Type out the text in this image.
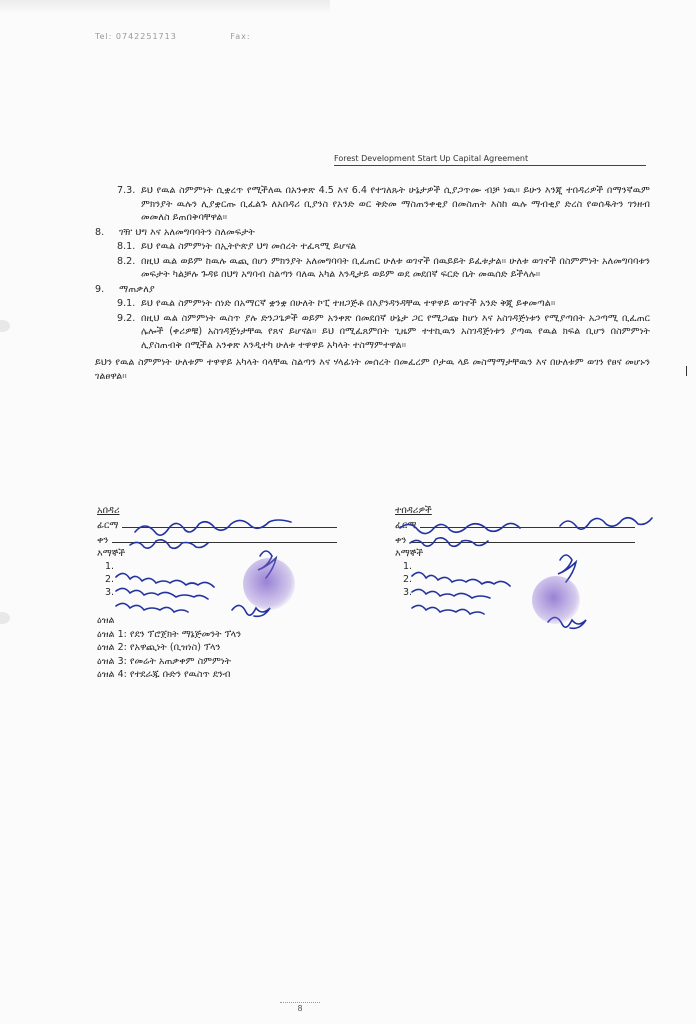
Tel: 0742251713	Fax:
Forest Development Start Up Capital Agreement
7.3. ይህ የዉል ስምምነት ሲቋረጥ የሚችለዉ በአንቀጽ 4.5 እና 6.4 የተገለጹት ሁኔታዎች ሲያጋጥሙ ብቻ ነዉ። ይሁን እንጂ ተበዳሪዎች በማንኛዉም ምክንያት ዉሉን ሊያቋርጡ ቢፈልጉ ለአበዳሪ ቢያንስ የአንድ ወር ቅድመ ማስጠንቀቂያ በመስጠት እስከ ዉሉ ማብቂያ ድረስ የወሰዱትን ገንዘብ መመለስ ይጠበቅባቸዋል።
8.	ገዥ ህግ እና አለመግባባትን ስለመፍታት
8.1. ይህ የዉል ስምምነት በኢትዮጵያ ህግ መሰረት ተፈጻሚ ይሆናል
8.2. በዚህ ዉል ወይም ከዉሉ ዉጪ በሆነ ምክንያት አለመግባባት ቢፈጠር ሁለቱ ወገኖች በዉይይት ይፈቱታል። ሁለቱ ወገኖች በስምምነት አለመግባባቱን መፍታት ካልቻሉ ጉዳዩ በህግ አግባብ ስልጣን ባለዉ አካል እንዲታይ ወይም ወደ መደበኛ ፍርድ ቤት መዉሰድ ይችላሉ።
9.	ማጠቃለያ
9.1. ይህ የዉል ስምምነት ሰነድ በአማርኛ ቋንቋ በሁለት ኮፒ ተዘጋጅቶ በእያንዳንዳቸዉ ተዋዋይ ወገኖች አንድ ቅጂ ይቀመጣል።
9.2. በዚህ ዉል ስምምነት ዉስጥ ያሉ ድንጋጌዎች ወይም አንቀጽ በመደበኛ ሁኔታ ጋር የሚጋጩ ከሆነ እና አስገዳጅነቱን የሚያጣበት አጋጣሚ ቢፈጠር ሌሎች (ቀሪዎቹ) አስገዳጅነታቸዉ የጸና ይሆናል። ይህ በሚፈጸምበት ጊዜም ተተኪዉን አስገዳጅነቱን ያጣዉ የዉል ክፍል ቢሆን በስምምነት ሊያስጠብቅ በሚችል አንቀጽ እንዲተካ ሁለቱ ተዋዋይ አካላት ተስማምተዋል።
ይህን የዉል ስምምነት ሁለቱም ተዋዋይ አካላት ባላቸዉ ስልጣን እና ሃላፊነት መሰረት በመፈረም ቦታዉ ላይ መስማማታቸዉን እና በሁለቱም ወገን የፀና መሆኑን ገልፀዋል።
አበዳሪ
ፊርማ
ቀን
እማኞች
1.
2.
3.
ተበዳሪዎች
ፊርማ
ቀን
እማኞች
1.
2.
3.
ዕዝል
ዕዝል 1: የደን ፕሮጀክት ማኔጅመንት ፕላን
ዕዝል 2: የአዋጪነት (ቢዝነስ) ፕላን
ዕዝል 3: የመሬት አጠቃቀም ስምምነት
ዕዝል 4: የተደራጁ ቡድን የዉስጥ ደንብ
8
